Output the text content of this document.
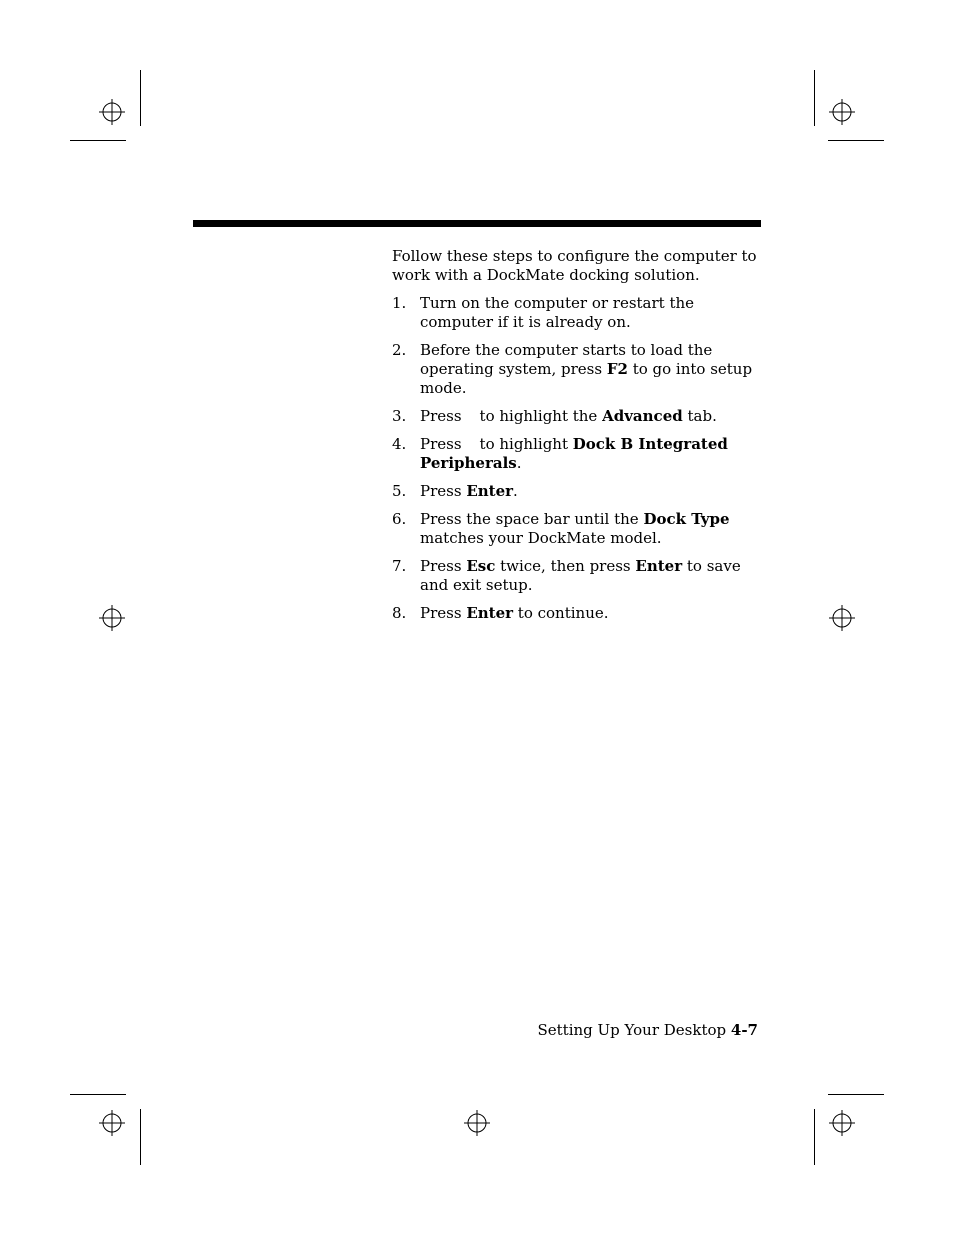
Follow these steps to configure the computer to work with a DockMate docking solution.

1. Turn on the computer or restart the computer if it is already on.
2. Before the computer starts to load the operating system, press F2 to go into setup mode.
3. Press to highlight the Advanced tab.
4. Press to highlight Dock B Integrated Peripherals.
5. Press Enter.
6. Press the space bar until the Dock Type matches your DockMate model.
7. Press Esc twice, then press Enter to save and exit setup.
8. Press Enter to continue.
Setting Up Your Desktop 4-7
